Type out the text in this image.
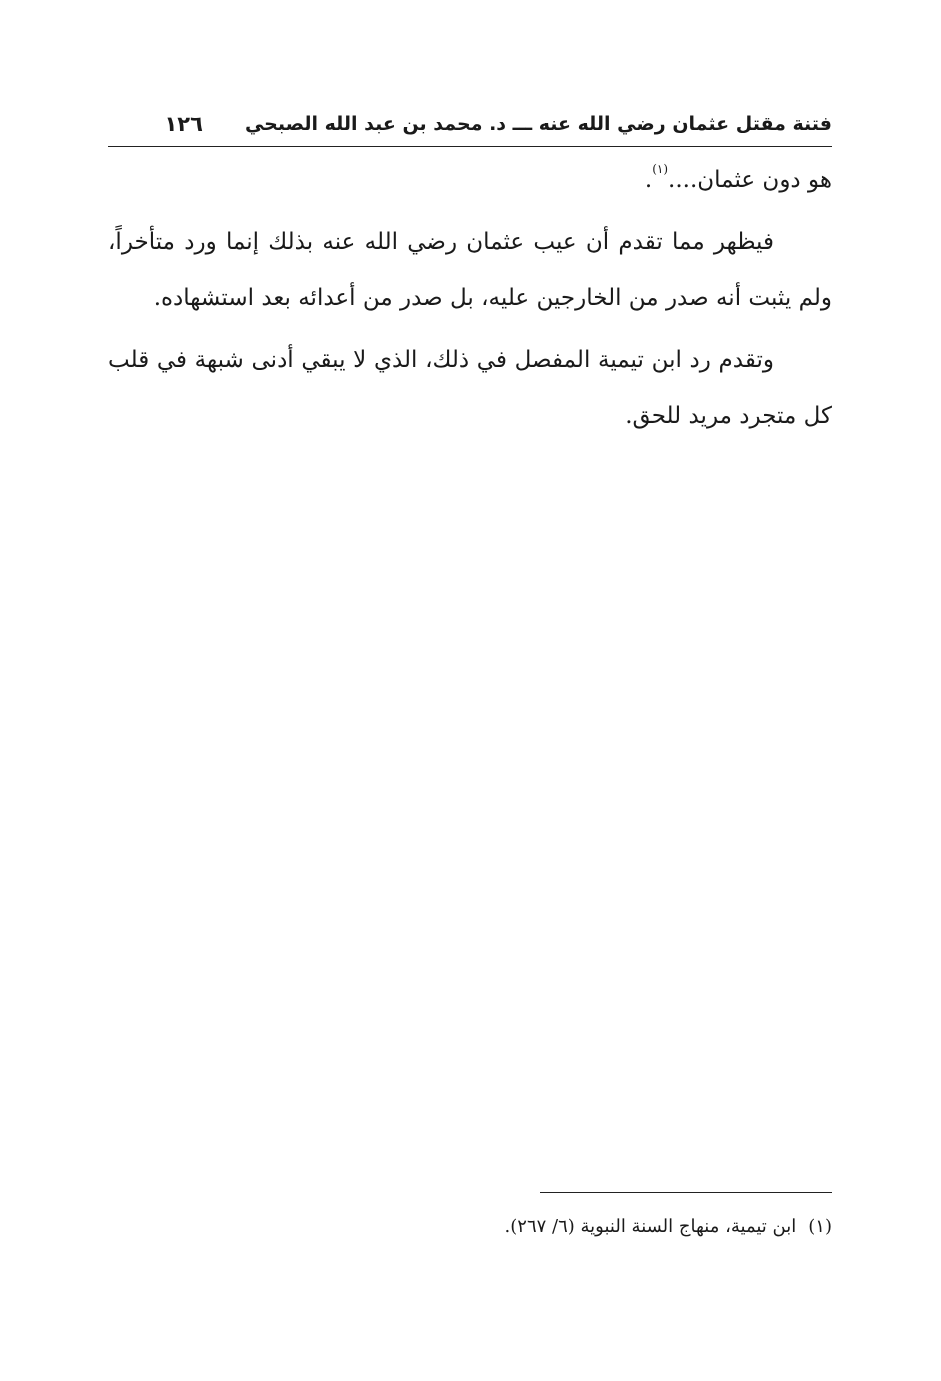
فتنة مقتل عثمان رضي الله عنه ـــ د. محمد بن عبد الله الصبحي
١٢٦

هو دون عثمان....$^{(١)}$.

فيظهر مما تقدم أن عيب عثمان رضي الله عنه بذلك إنما ورد متأخراً، ولم يثبت أنه صدر من الخارجين عليه، بل صدر من أعدائه بعد استشهاده.

وتقدم رد ابن تيمية المفصل في ذلك، الذي لا يبقي أدنى شبهة في قلب كل متجرد مريد للحق.

(١)ابن تيمية، منهاج السنة النبوية (٦/ ٢٦٧).
